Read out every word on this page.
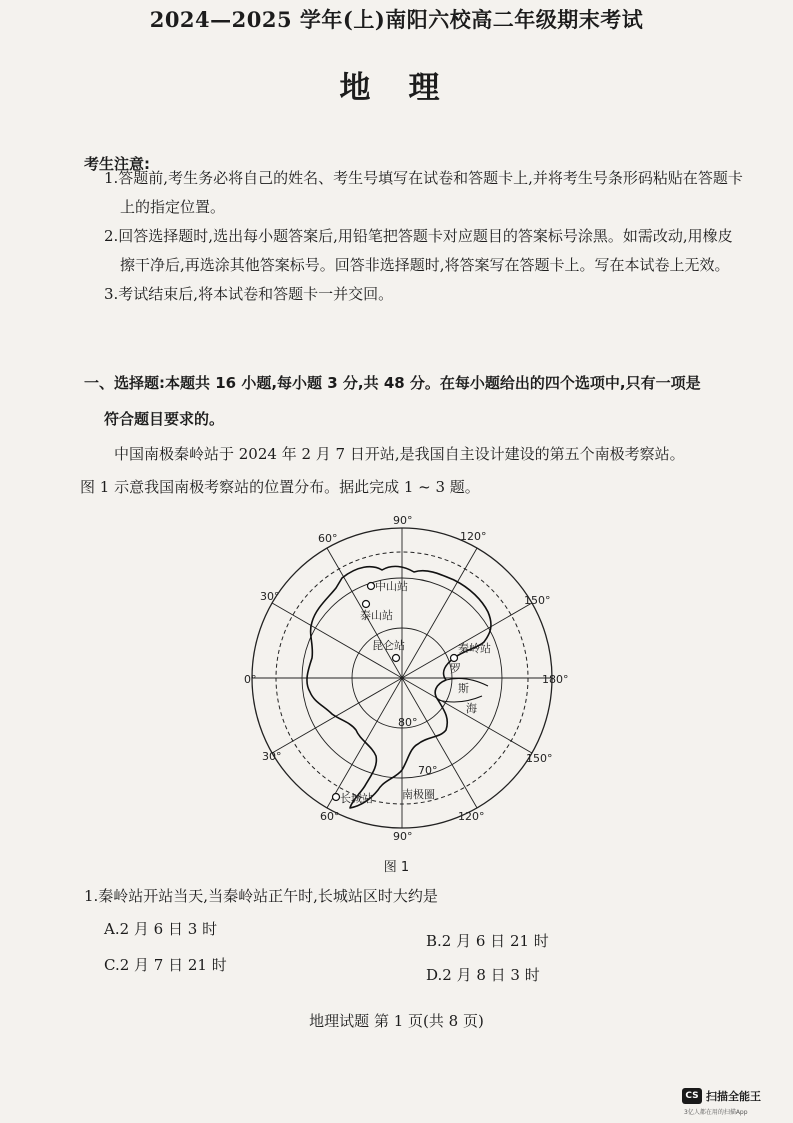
2024—2025 学年(上)南阳六校高二年级期末考试
地理
考生注意:

1.答题前,考生务必将自己的姓名、考生号填写在试卷和答题卡上,并将考生号条形码粘贴在答题卡上的指定位置。

2.回答选择题时,选出每小题答案后,用铅笔把答题卡对应题目的答案标号涂黑。如需改动,用橡皮擦干净后,再选涂其他答案标号。回答非选择题时,将答案写在答题卡上。写在本试卷上无效。

3.考试结束后,将本试卷和答题卡一并交回。

一、选择题:本题共 16 小题,每小题 3 分,共 48 分。在每小题给出的四个选项中,只有一项是
符合题目要求的。
中国南极秦岭站于 2024 年 2 月 7 日开站,是我国自主设计建设的第五个南极考察站。
图 1 示意我国南极考察站的位置分布。据此完成 1 ~ 3 题。
90°
120°
150°
180°
150°
120°
90°
60°
30°
0°
30°
60°
80°
70°
中山站
泰山站
昆仑站	秦岭站
长城站
罗
斯
海
南极圈
图 1
1.秦岭站开站当天,当秦岭站正午时,长城站区时大约是
A.2 月 6 日 3 时
B.2 月 6 日 21 时
C.2 月 7 日 21 时
D.2 月 8 日 3 时
地理试题 第 1 页(共 8 页)
CS 扫描全能王
3亿人都在用的扫描App
